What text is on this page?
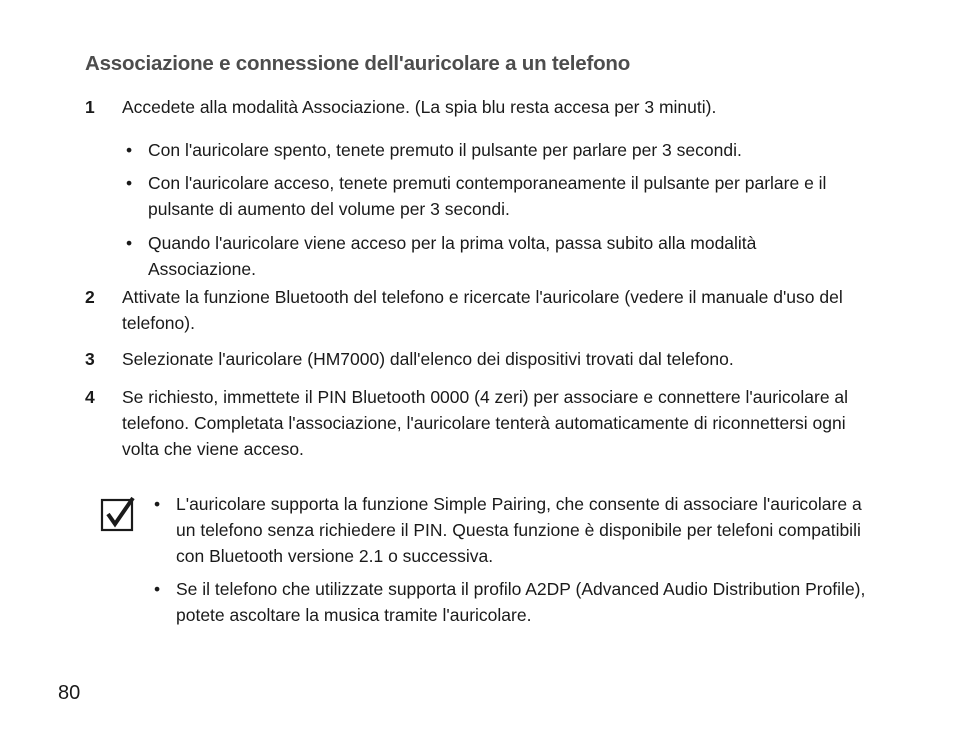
Associazione e connessione dell'auricolare a un telefono
1	Accedete alla modalità Associazione. (La spia blu resta accesa per 3 minuti).
• Con l'auricolare spento, tenete premuto il pulsante per parlare per 3 secondi.
• Con l'auricolare acceso, tenete premuti contemporaneamente il pulsante per parlare e il pulsante di aumento del volume per 3 secondi.
• Quando l'auricolare viene acceso per la prima volta, passa subito alla modalità Associazione.
2	Attivate la funzione Bluetooth del telefono e ricercate l'auricolare (vedere il manuale d'uso del telefono).
3	Selezionate l'auricolare (HM7000) dall'elenco dei dispositivi trovati dal telefono.
4	Se richiesto, immettete il PIN Bluetooth 0000 (4 zeri) per associare e connettere l'auricolare al telefono. Completata l'associazione, l'auricolare tenterà automaticamente di riconnettersi ogni volta che viene acceso.
• L'auricolare supporta la funzione Simple Pairing, che consente di associare l'auricolare a un telefono senza richiedere il PIN. Questa funzione è disponibile per telefoni compatibili con Bluetooth versione 2.1 o successiva.
• Se il telefono che utilizzate supporta il profilo A2DP (Advanced Audio Distribution Profile), potete ascoltare la musica tramite l'auricolare.
80
